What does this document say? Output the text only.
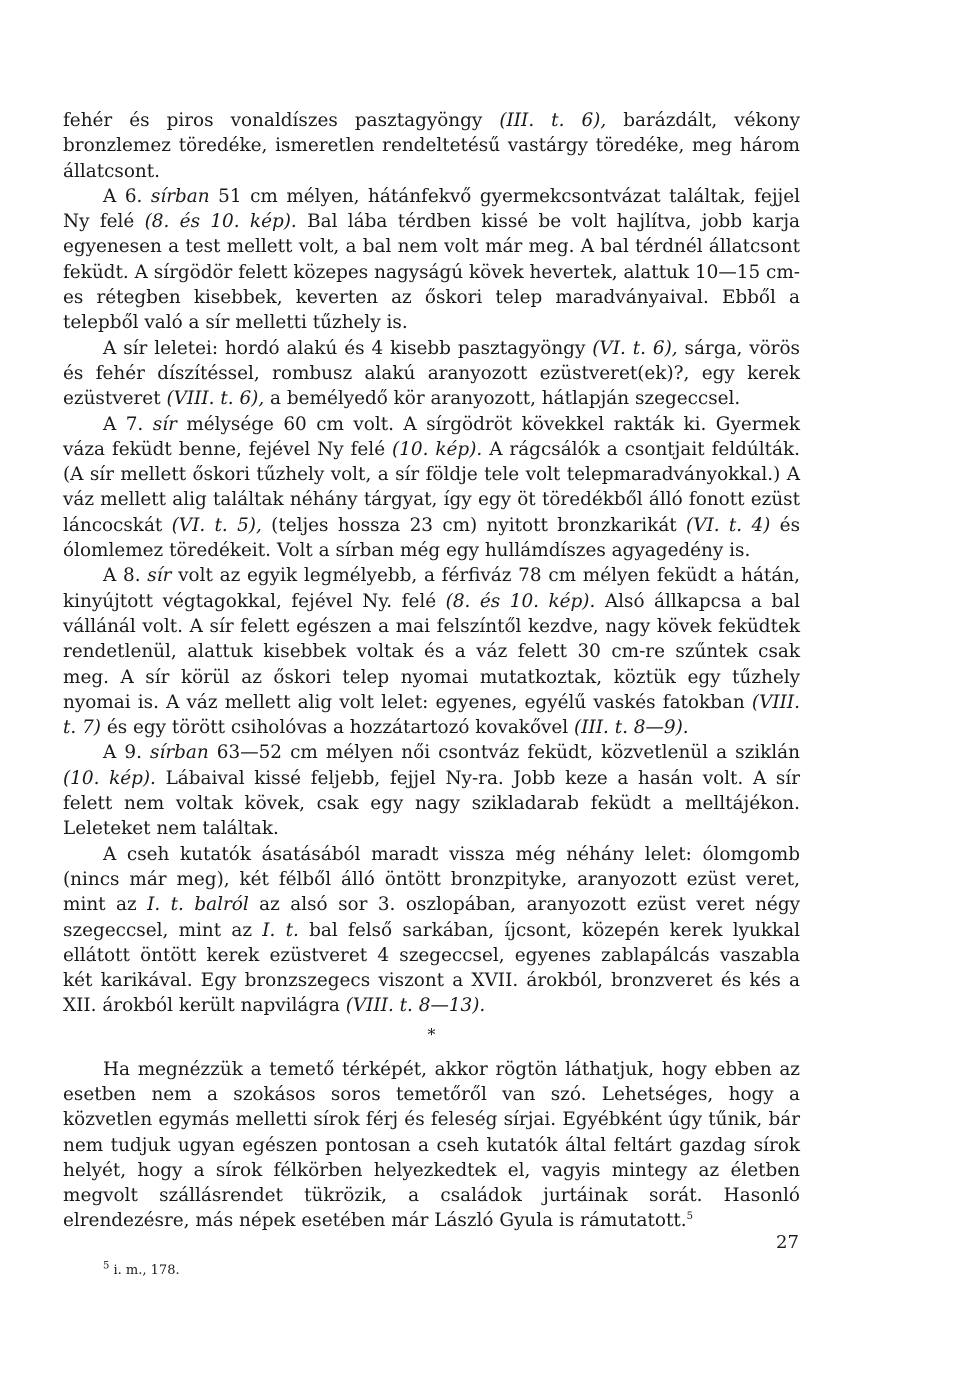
fehér és piros vonaldíszes pasztagyöngy (III. t. 6), barázdált, vékony bronzlemez töredéke, ismeretlen rendeltetésű vastárgy töredéke, meg három állatcsont.

A 6. sírban 51 cm mélyen, hátánfekvő gyermekcsontvázat találtak, fejjel Ny felé (8. és 10. kép). Bal lába térdben kissé be volt hajlítva, jobb karja egyenesen a test mellett volt, a bal nem volt már meg. A bal térdnél állatcsont feküdt. A sírgödör felett közepes nagyságú kövek hevertek, alattuk 10—15 cm-es rétegben kisebbek, keverten az őskori telep maradványaival. Ebből a telepből való a sír melletti tűzhely is.

A sír leletei: hordó alakú és 4 kisebb pasztagyöngy (VI. t. 6), sárga, vörös és fehér díszítéssel, rombusz alakú aranyozott ezüstveret(ek)?, egy kerek ezüstveret (VIII. t. 6), a bemélyedő kör aranyozott, hátlapján szegeccsel.

A 7. sír mélysége 60 cm volt. A sírgödröt kövekkel rakták ki. Gyermek váza feküdt benne, fejével Ny felé (10. kép). A rágcsálók a csontjait feldúlták. (A sír mellett őskori tűzhely volt, a sír földje tele volt telepmaradványokkal.) A váz mellett alig találtak néhány tárgyat, így egy öt töredékből álló fonott ezüst láncocskát (VI. t. 5), (teljes hossza 23 cm) nyitott bronzkarikát (VI. t. 4) és ólomlemez töredékeit. Volt a sírban még egy hullámdíszes agyagedény is.

A 8. sír volt az egyik legmélyebb, a férfiváz 78 cm mélyen feküdt a hátán, kinyújtott végtagokkal, fejével Ny. felé (8. és 10. kép). Alsó állkapcsa a bal vállánál volt. A sír felett egészen a mai felszíntől kezdve, nagy kövek feküdtek rendetlenül, alattuk kisebbek voltak és a váz felett 30 cm-re szűntek csak meg. A sír körül az őskori telep nyomai mutatkoztak, köztük egy tűzhely nyomai is. A váz mellett alig volt lelet: egyenes, egyélű vaskés fatokban (VIII. t. 7) és egy törött csiholóvas a hozzátartozó kovakővel (III. t. 8—9).

A 9. sírban 63—52 cm mélyen női csontváz feküdt, közvetlenül a sziklán (10. kép). Lábaival kissé feljebb, fejjel Ny-ra. Jobb keze a hasán volt. A sír felett nem voltak kövek, csak egy nagy szikladarab feküdt a melltájékon. Leleteket nem találtak.

A cseh kutatók ásatásából maradt vissza még néhány lelet: ólomgomb (nincs már meg), két félből álló öntött bronzpityke, aranyozott ezüst veret, mint az I. t. balról az alsó sor 3. oszlopában, aranyozott ezüst veret négy szegeccsel, mint az I. t. bal felső sarkában, íjcsont, közepén kerek lyukkal ellátott öntött kerek ezüstveret 4 szegeccsel, egyenes zablapálcás vaszabla két karikával. Egy bronzszegecs viszont a XVII. árokból, bronzveret és kés a XII. árokból került napvilágra (VIII. t. 8—13).

*

Ha megnézzük a temető térképét, akkor rögtön láthatjuk, hogy ebben az esetben nem a szokásos soros temetőről van szó. Lehetséges, hogy a közvetlen egymás melletti sírok férj és feleség sírjai. Egyébként úgy tűnik, bár nem tudjuk ugyan egészen pontosan a cseh kutatók által feltárt gazdag sírok helyét, hogy a sírok félkörben helyezkedtek el, vagyis mintegy az életben megvolt szállásrendet tükrözik, a családok jurtáinak sorát. Hasonló elrendezésre, más népek esetében már László Gyula is rámutatott.$^5$

$^5$ i. m., 178.
27
